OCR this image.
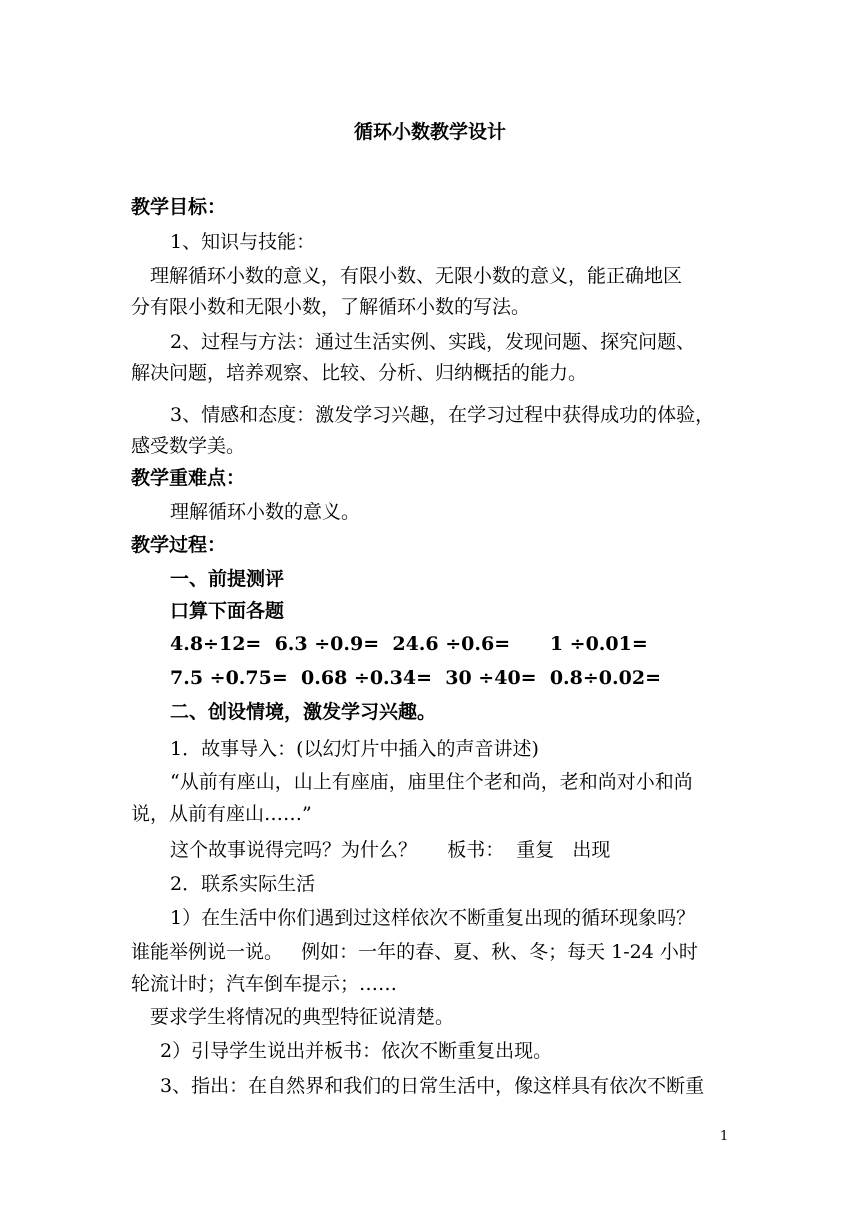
循环小数教学设计
教学目标：
1、知识与技能：
理解循环小数的意义，有限小数、无限小数的意义，能正确地区
分有限小数和无限小数，了解循环小数的写法。
2、过程与方法：通过生活实例、实践，发现问题、探究问题、
解决问题，培养观察、比较、分析、归纳概括的能力。
3、情感和态度：激发学习兴趣，在学习过程中获得成功的体验，
感受数学美。
教学重难点：
理解循环小数的意义。
教学过程：
一、前提测评
口算下面各题
4.8÷12=  6.3 ÷0.9=  24.6 ÷0.6=      1 ÷0.01=
7.5 ÷0.75=  0.68 ÷0.34=  30 ÷40=  0.8÷0.02=
二、创设情境，激发学习兴趣。
1．故事导入：(以幻灯片中插入的声音讲述)
“从前有座山，山上有座庙，庙里住个老和尚，老和尚对小和尚
说，从前有座山……”
这个故事说得完吗？为什么？     板书：  重复   出现
2．联系实际生活
1）在生活中你们遇到过这样依次不断重复出现的循环现象吗？
谁能举例说一说。   例如：一年的春、夏、秋、冬；每天 1-24 小时
轮流计时；汽车倒车提示；……
要求学生将情况的典型特征说清楚。
2）引导学生说出并板书：依次不断重复出现。
3、指出：在自然界和我们的日常生活中，像这样具有依次不断重
1
